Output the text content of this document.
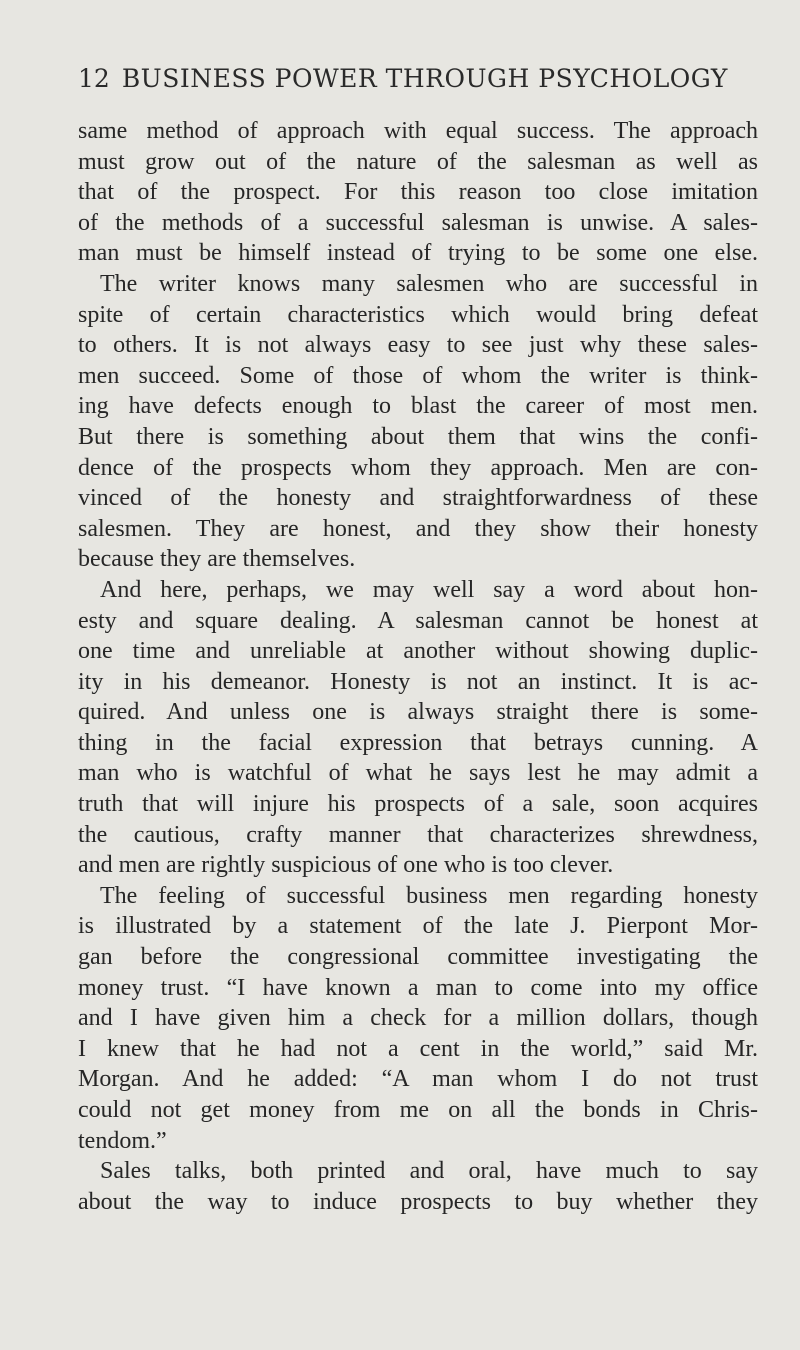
12 BUSINESS POWER THROUGH PSYCHOLOGY
same method of approach with equal success. The approach
must grow out of the nature of the salesman as well as
that of the prospect. For this reason too close imitation
of the methods of a successful salesman is unwise. A sales-
man must be himself instead of trying to be some one else.
The writer knows many salesmen who are successful in
spite of certain characteristics which would bring defeat
to others. It is not always easy to see just why these sales-
men succeed. Some of those of whom the writer is think-
ing have defects enough to blast the career of most men.
But there is something about them that wins the confi-
dence of the prospects whom they approach. Men are con-
vinced of the honesty and straightforwardness of these
salesmen. They are honest, and they show their honesty
because they are themselves.
And here, perhaps, we may well say a word about hon-
esty and square dealing. A salesman cannot be honest at
one time and unreliable at another without showing duplic-
ity in his demeanor. Honesty is not an instinct. It is ac-
quired. And unless one is always straight there is some-
thing in the facial expression that betrays cunning. A
man who is watchful of what he says lest he may admit a
truth that will injure his prospects of a sale, soon acquires
the cautious, crafty manner that characterizes shrewdness,
and men are rightly suspicious of one who is too clever.
The feeling of successful business men regarding honesty
is illustrated by a statement of the late J. Pierpont Mor-
gan before the congressional committee investigating the
money trust. “I have known a man to come into my office
and I have given him a check for a million dollars, though
I knew that he had not a cent in the world,” said Mr.
Morgan. And he added: “A man whom I do not trust
could not get money from me on all the bonds in Chris-
tendom.”
Sales talks, both printed and oral, have much to say
about the way to induce prospects to buy whether they
